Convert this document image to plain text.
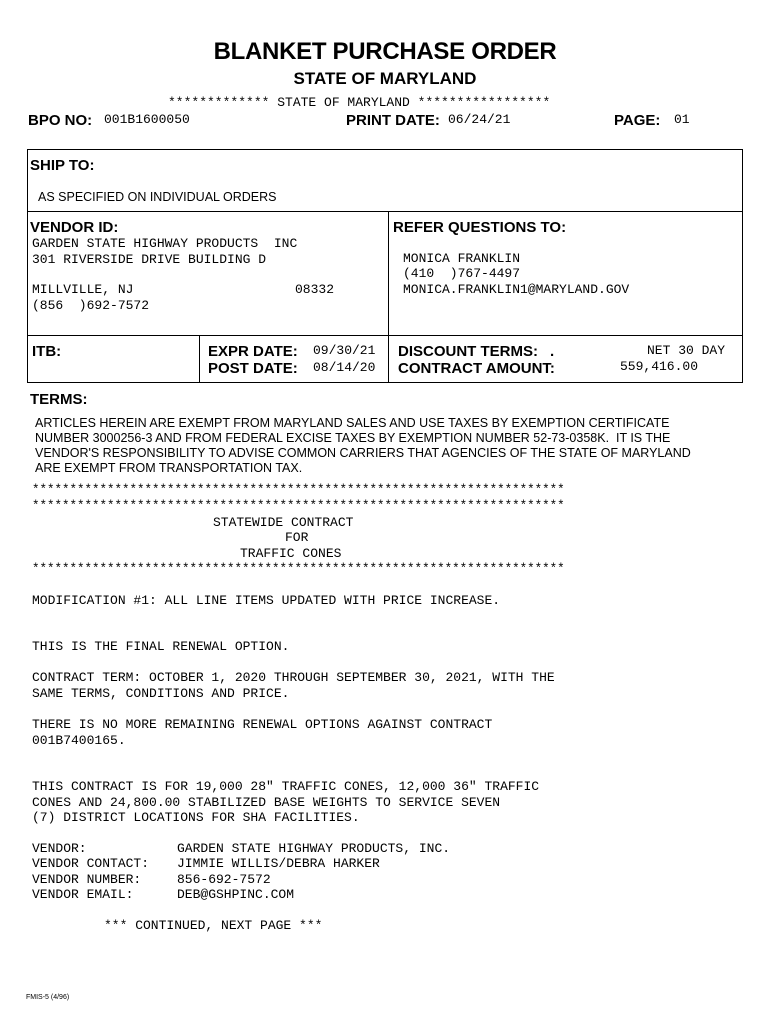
BLANKET PURCHASE ORDER
STATE OF MARYLAND
************* STATE OF MARYLAND *****************
BPO NO: 001B1600050	PRINT DATE: 06/24/21	PAGE: 01
SHIP TO:
AS SPECIFIED ON INDIVIDUAL ORDERS
VENDOR ID:
GARDEN STATE HIGHWAY PRODUCTS  INC
301 RIVERSIDE DRIVE BUILDING D
MILLVILLE, NJ	08332
(856  )692-7572
REFER QUESTIONS TO:
MONICA FRANKLIN
(410  )767-4497
MONICA.FRANKLIN1@MARYLAND.GOV
ITB:	EXPR DATE: 09/30/21
POST DATE: 08/14/20
DISCOUNT TERMS: .	NET 30 DAY
CONTRACT AMOUNT:	559,416.00
TERMS:
ARTICLES HEREIN ARE EXEMPT FROM MARYLAND SALES AND USE TAXES BY EXEMPTION CERTIFICATE
NUMBER 3000256-3 AND FROM FEDERAL EXCISE TAXES BY EXEMPTION NUMBER 52-73-0358K.  IT IS THE
VENDOR'S RESPONSIBILITY TO ADVISE COMMON CARRIERS THAT AGENCIES OF THE STATE OF MARYLAND
ARE EXEMPT FROM TRANSPORTATION TAX.
***********************************************************************
***********************************************************************
STATEWIDE CONTRACT
FOR
TRAFFIC CONES
***********************************************************************
MODIFICATION #1: ALL LINE ITEMS UPDATED WITH PRICE INCREASE.
THIS IS THE FINAL RENEWAL OPTION.
CONTRACT TERM: OCTOBER 1, 2020 THROUGH SEPTEMBER 30, 2021, WITH THE
SAME TERMS, CONDITIONS AND PRICE.
THERE IS NO MORE REMAINING RENEWAL OPTIONS AGAINST CONTRACT
001B7400165.
THIS CONTRACT IS FOR 19,000 28" TRAFFIC CONES, 12,000 36" TRAFFIC
CONES AND 24,800.00 STABILIZED BASE WEIGHTS TO SERVICE SEVEN
(7) DISTRICT LOCATIONS FOR SHA FACILITIES.
VENDOR:	GARDEN STATE HIGHWAY PRODUCTS, INC.
VENDOR CONTACT: JIMMIE WILLIS/DEBRA HARKER
VENDOR NUMBER:	856-692-7572
VENDOR EMAIL:	DEB@GSHPINC.COM
*** CONTINUED, NEXT PAGE ***
FMIS-5 (4/96)
